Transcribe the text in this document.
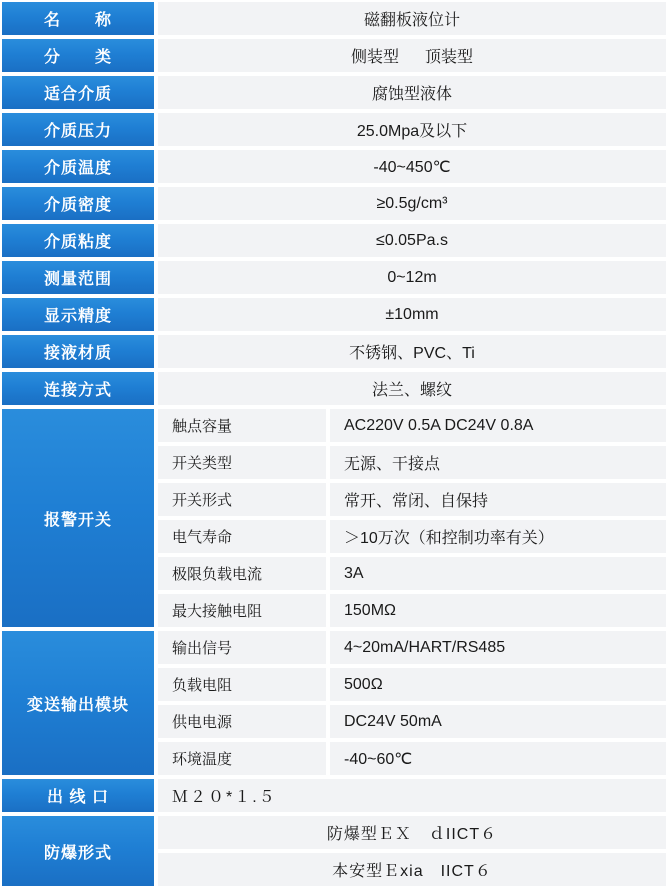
名　　称	磁翻板液位计	
分　　类	侧装型 顶装型	

适合介质	腐蚀型液体	
介质压力	25.0Mpa及以下	
介质温度	-40~450℃	
介质密度	≥0.5g/cm³	
介质粘度	≤0.05Pa.s	
测量范围	0~12m	
显示精度	±10mm	
接液材质	不锈钢、PVC、Ti	
连接方式	法兰、螺纹	
报警开关	触点容量	AC220V 0.5A DC24V 0.8A
	开关类型	无源、干接点
	开关形式	常开、常闭、自保持
	电气寿命	＞10万次（和控制功率有关）
	极限负载电流	3A
	最大接触电阻	150MΩ
变送输出模块	输出信号	4~20mA/HART/RS485
	负载电阻	500Ω
	供电电源	DC24V 50mA
	环境温度	-40~60℃
出 线 口	Ｍ２０*１.５	
防爆形式	防爆型ＥＸ　ｄIICT６	
	本安型Ｅxia　IICT６	
